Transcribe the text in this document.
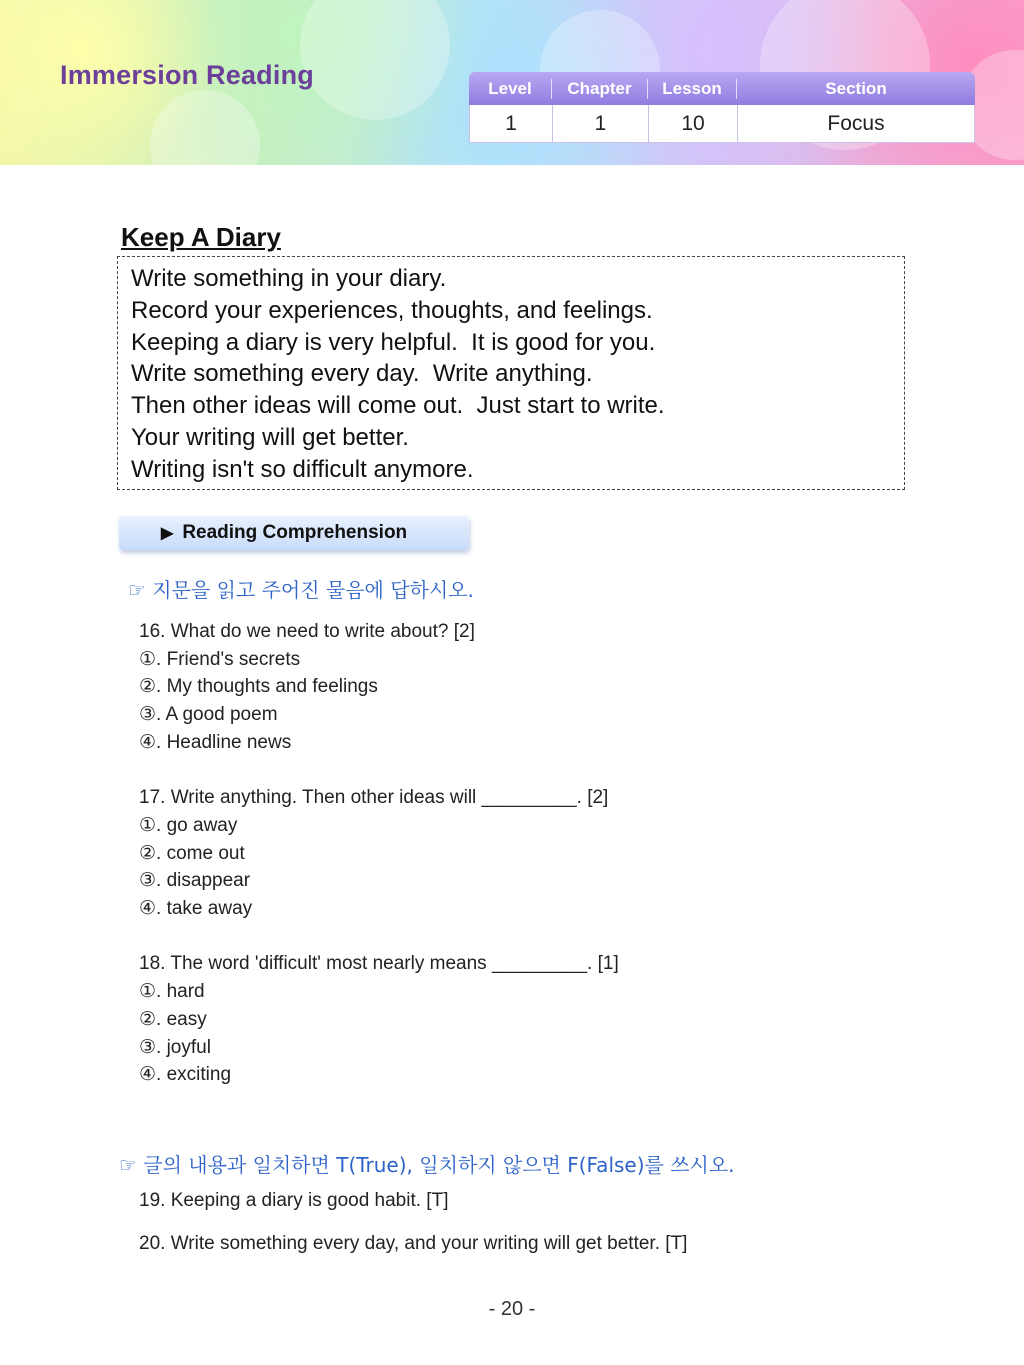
Immersion Reading	Level	Chapter	Lesson	Section
1	1	10	Focus
Keep A Diary
Write something in your diary.
Record your experiences, thoughts, and feelings.
Keeping a diary is very helpful.  It is good for you.
Write something every day.  Write anything.
Then other ideas will come out.  Just start to write.
Your writing will get better.
Writing isn't so difficult anymore.
▶ Reading Comprehension

☞ 지문을 읽고 주어진 물음에 답하시오.

16. What do we need to write about? [2]
①. Friend's secrets
②. My thoughts and feelings
③. A good poem
④. Headline news
17. Write anything. Then other ideas will _________. [2]
①. go away
②. come out
③. disappear
④. take away
18. The word 'difficult' most nearly means _________. [1]
①. hard
②. easy
③. joyful
④. exciting

☞ 글의 내용과 일치하면 T(True), 일치하지 않으면 F(False)를 쓰시오.

19. Keeping a diary is good habit. [T]
20. Write something every day, and your writing will get better. [T]
- 20 -
